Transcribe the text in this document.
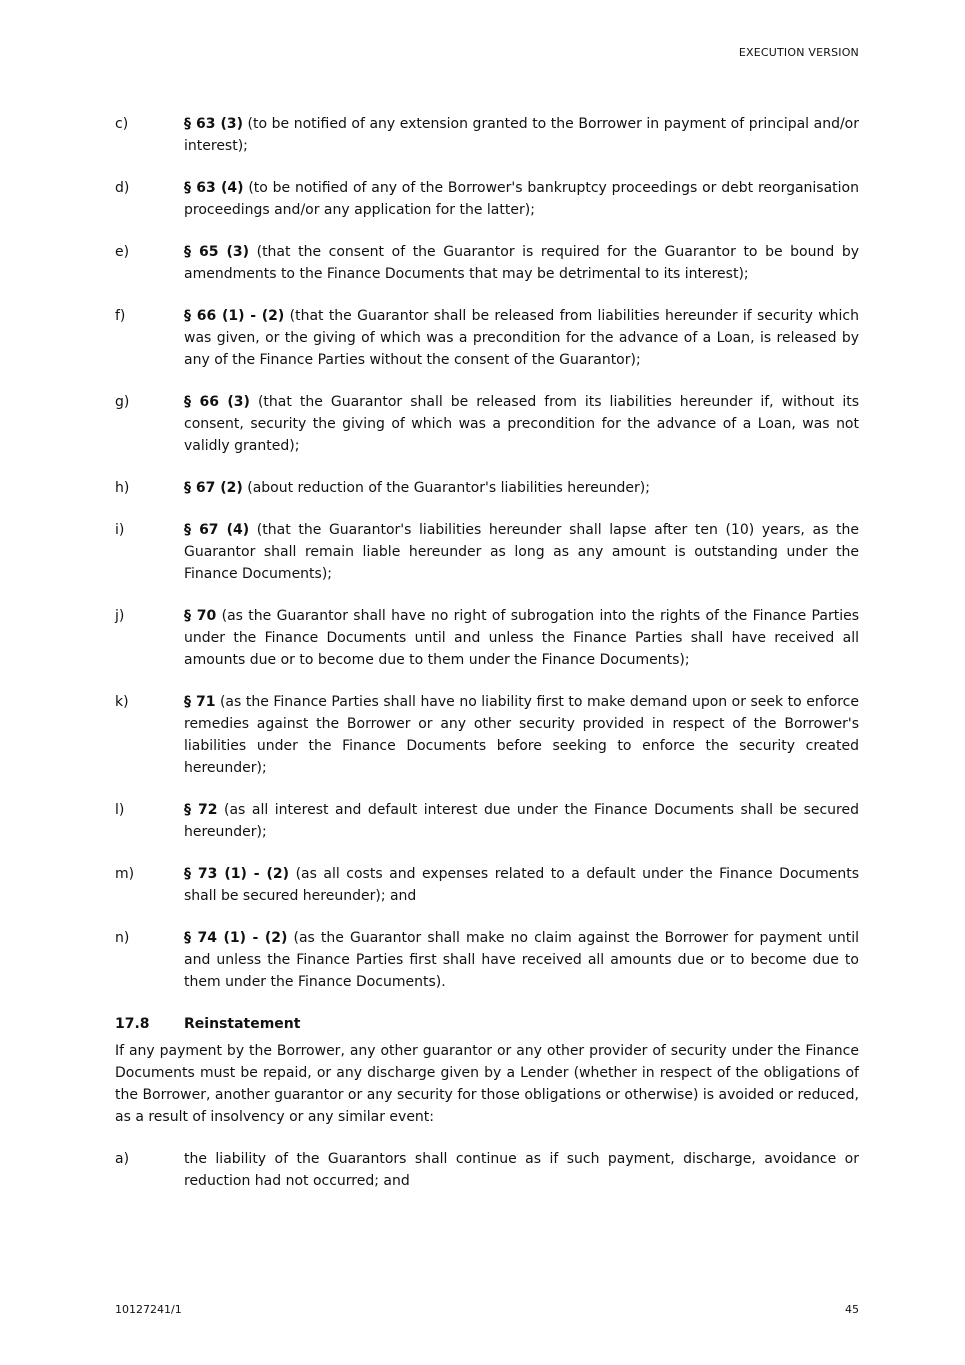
EXECUTION VERSION
c)	§ 63 (3) (to be notified of any extension granted to the Borrower in payment of principal and/or interest);
d)	§ 63 (4) (to be notified of any of the Borrower's bankruptcy proceedings or debt reorganisation proceedings and/or any application for the latter);
e)	§ 65 (3) (that the consent of the Guarantor is required for the Guarantor to be bound by amendments to the Finance Documents that may be detrimental to its interest);
f)	§ 66 (1) - (2) (that the Guarantor shall be released from liabilities hereunder if security which was given, or the giving of which was a precondition for the advance of a Loan, is released by any of the Finance Parties without the consent of the Guarantor);
g)	§ 66 (3) (that the Guarantor shall be released from its liabilities hereunder if, without its consent, security the giving of which was a precondition for the advance of a Loan, was not validly granted);
h)	§ 67 (2) (about reduction of the Guarantor's liabilities hereunder);
i)	§ 67 (4) (that the Guarantor's liabilities hereunder shall lapse after ten (10) years, as the Guarantor shall remain liable hereunder as long as any amount is outstanding under the Finance Documents);
j)	§ 70 (as the Guarantor shall have no right of subrogation into the rights of the Finance Parties under the Finance Documents until and unless the Finance Parties shall have received all amounts due or to become due to them under the Finance Documents);
k)	§ 71 (as the Finance Parties shall have no liability first to make demand upon or seek to enforce remedies against the Borrower or any other security provided in respect of the Borrower's liabilities under the Finance Documents before seeking to enforce the security created hereunder);
l)	§ 72 (as all interest and default interest due under the Finance Documents shall be secured hereunder);
m)	§ 73 (1) - (2) (as all costs and expenses related to a default under the Finance Documents shall be secured hereunder); and
n)	§ 74 (1) - (2) (as the Guarantor shall make no claim against the Borrower for payment until and unless the Finance Parties first shall have received all amounts due or to become due to them under the Finance Documents).
17.8	Reinstatement
If any payment by the Borrower, any other guarantor or any other provider of security under the Finance Documents must be repaid, or any discharge given by a Lender (whether in respect of the obligations of the Borrower, another guarantor or any security for those obligations or otherwise) is avoided or reduced, as a result of insolvency or any similar event:
a)	the liability of the Guarantors shall continue as if such payment, discharge, avoidance or reduction had not occurred; and
10127241/1	45
